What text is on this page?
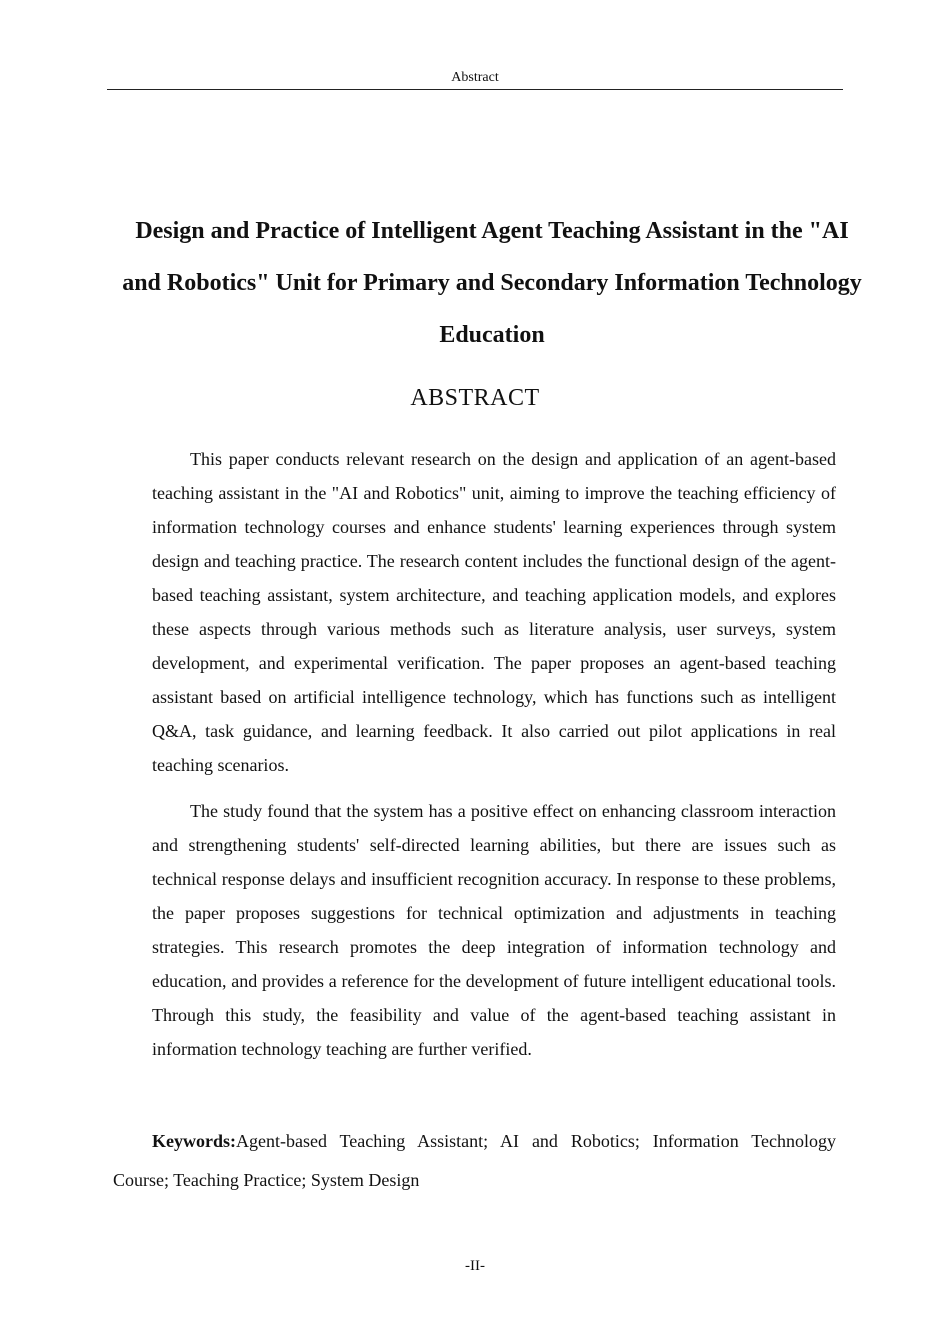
Abstract
Design and Practice of Intelligent Agent Teaching Assistant in the "AI and Robotics" Unit for Primary and Secondary Information Technology Education
ABSTRACT

This paper conducts relevant research on the design and application of an agent-based teaching assistant in the "AI and Robotics" unit, aiming to improve the teaching efficiency of information technology courses and enhance students' learning experiences through system design and teaching practice. The research content includes the functional design of the agent-based teaching assistant, system architecture, and teaching application models, and explores these aspects through various methods such as literature analysis, user surveys, system development, and experimental verification. The paper proposes an agent-based teaching assistant based on artificial intelligence technology, which has functions such as intelligent Q&A, task guidance, and learning feedback. It also carried out pilot applications in real teaching scenarios.

The study found that the system has a positive effect on enhancing classroom interaction and strengthening students' self-directed learning abilities, but there are issues such as technical response delays and insufficient recognition accuracy. In response to these problems, the paper proposes suggestions for technical optimization and adjustments in teaching strategies. This research promotes the deep integration of information technology and education, and provides a reference for the development of future intelligent educational tools. Through this study, the feasibility and value of the agent-based teaching assistant in information technology teaching are further verified.

Keywords:Agent-based Teaching Assistant; AI and Robotics; Information Technology Course; Teaching Practice; System Design

-II-
